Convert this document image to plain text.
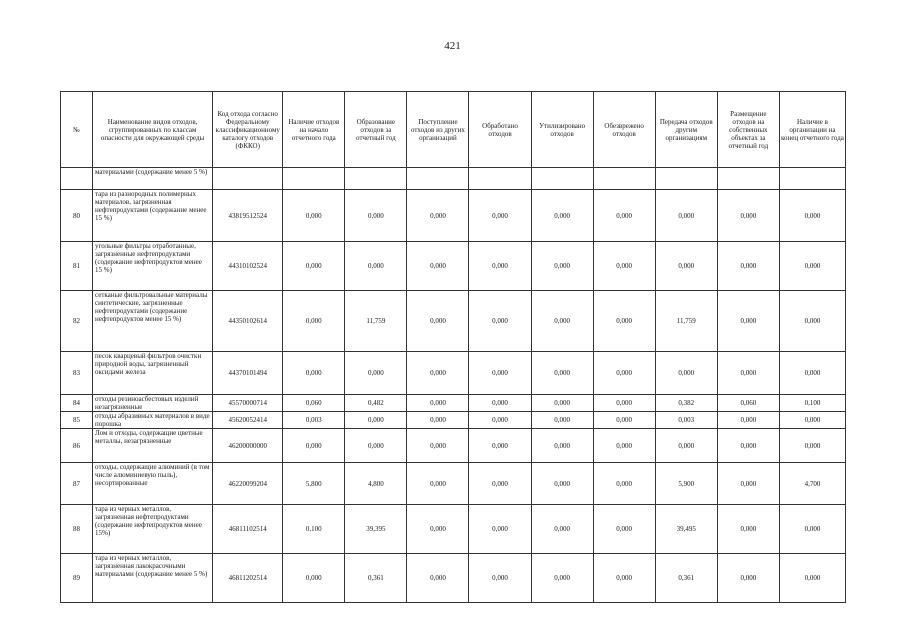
421
№	Наименование видов отходов, сгруппированных по классам опасности для окружающей среды	Код отхода согласно Федеральному классификационному каталогу отходов (ФККО)	Наличие отходов на начало отчетного года	Образование отходов за отчетный год	Поступление отходов из других организаций	Обработано отходов	Утилизировано отходов	Обезврежено отходов	Передача отходов другим организациям	Размещение отходов на собственных объектах за отчетный год	Наличие в организации на конец отчетного года
	материалами (содержание менее 5 %)										
80	тара из разнородных полимерных материалов, загрязненная нефтепродуктами (содержание менее 15 %)	43819512524	0,000	0,000	0,000	0,000	0,000	0,000	0,000	0,000	0,000
81	угольные фильтры отработанные, загрязненные нефтепродуктами (содержание нефтепродуктов менее 15 %)	44310102524	0,000	0,000	0,000	0,000	0,000	0,000	0,000	0,000	0,000
82	сетканые фильтровальные материалы синтетические, загрязненные нефтепродуктами (содержание нефтепродуктов менее 15 %)	44350102614	0,000	11,759	0,000	0,000	0,000	0,000	11,759	0,000	0,000
83	песок кварцевый фильтров очистки природной воды, загрязненный оксидами железа	44370101494	0,000	0,000	0,000	0,000	0,000	0,000	0,000	0,000	0,000
84	отходы резиноасбестовых изделий незагрязненные	45570000714	0,060	0,482	0,000	0,000	0,000	0,000	0,382	0,060	0,100
85	отходы абразивных материалов в виде порошка	45620052414	0,003	0,000	0,000	0,000	0,000	0,000	0,003	0,000	0,000
86	Лом и отходы, содержащие цветные металлы, незагрязненные	46200000000	0,000	0,000	0,000	0,000	0,000	0,000	0,000	0,000	0,000
87	отходы, содержащие алюминий (в том числе алюминиевую пыль), несортированные	46220099204	5,800	4,800	0,000	0,000	0,000	0,000	5,900	0,000	4,700
88	тара из черных металлов, загрязненная нефтепродуктами (содержание нефтепродуктов менее 15%)	46811102514	0,100	39,395	0,000	0,000	0,000	0,000	39,495	0,000	0,000
89	тара из черных металлов, загрязненная лакокрасочными материалами (содержание менее 5 %)	46811202514	0,000	0,361	0,000	0,000	0,000	0,000	0,361	0,000	0,000
